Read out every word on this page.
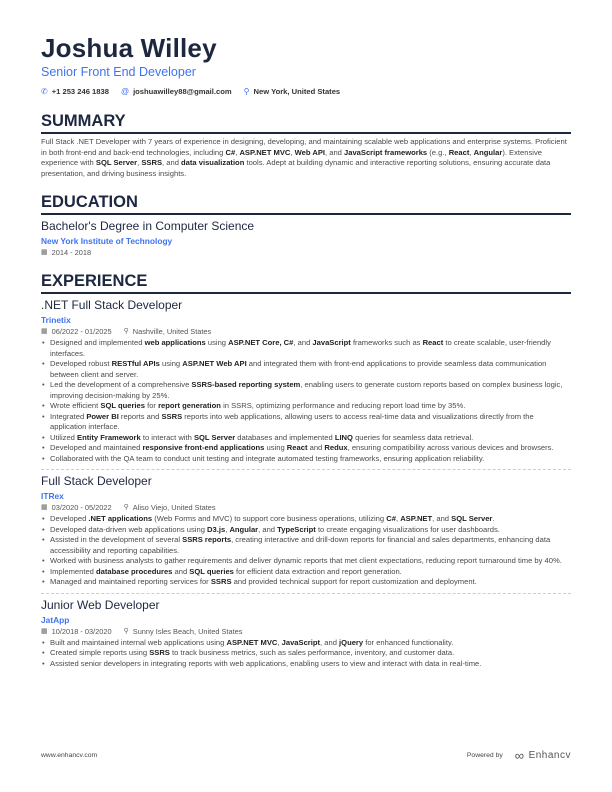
Joshua Willey
Senior Front End Developer
✆ +1 253 246 1838 @ joshuawilley88@gmail.com ⚲ New York, United States
SUMMARY
Full Stack .NET Developer with 7 years of experience in designing, developing, and maintaining scalable web applications and enterprise systems. Proficient in both front-end and back-end technologies, including C#, ASP.NET MVC, Web API, and JavaScript frameworks (e.g., React, Angular). Extensive experience with SQL Server, SSRS, and data visualization tools. Adept at building dynamic and interactive reporting solutions, ensuring accurate data presentation, and driving business insights.
EDUCATION
Bachelor's Degree in Computer Science
New York Institute of Technology
▦ 2014 - 2018
EXPERIENCE
.NET Full Stack Developer
Trinetix
▦ 06/2022 - 01/2025 ⚲ Nashville, United States
• Designed and implemented web applications using ASP.NET Core, C#, and JavaScript frameworks such as React to create scalable, user-friendly interfaces.
• Developed robust RESTful APIs using ASP.NET Web API and integrated them with front-end applications to provide seamless data communication between client and server.
• Led the development of a comprehensive SSRS-based reporting system, enabling users to generate custom reports based on complex business logic, improving decision-making by 25%.
• Wrote efficient SQL queries for report generation in SSRS, optimizing performance and reducing report load time by 35%.
• Integrated Power BI reports and SSRS reports into web applications, allowing users to access real-time data and visualizations directly from the application interface.
• Utilized Entity Framework to interact with SQL Server databases and implemented LINQ queries for seamless data retrieval.
• Developed and maintained responsive front-end applications using React and Redux, ensuring compatibility across various devices and browsers.
• Collaborated with the QA team to conduct unit testing and integrate automated testing frameworks, ensuring application reliability.
Full Stack Developer
ITRex
▦ 03/2020 - 05/2022 ⚲ Aliso Viejo, United States
• Developed .NET applications (Web Forms and MVC) to support core business operations, utilizing C#, ASP.NET, and SQL Server.
• Developed data-driven web applications using D3.js, Angular, and TypeScript to create engaging visualizations for user dashboards.
• Assisted in the development of several SSRS reports, creating interactive and drill-down reports for financial and sales departments, enhancing data accessibility and reporting capabilities.
• Worked with business analysts to gather requirements and deliver dynamic reports that met client expectations, reducing report turnaround time by 40%.
• Implemented database procedures and SQL queries for efficient data extraction and report generation.
• Managed and maintained reporting services for SSRS and provided technical support for report customization and deployment.
Junior Web Developer
JatApp
▦ 10/2018 - 03/2020 ⚲ Sunny Isles Beach, United States
• Built and maintained internal web applications using ASP.NET MVC, JavaScript, and jQuery for enhanced functionality.
• Created simple reports using SSRS to track business metrics, such as sales performance, inventory, and customer data.
• Assisted senior developers in integrating reports with web applications, enabling users to view and interact with data in real-time.
www.enhancv.com	Powered by ∞ Enhancv
